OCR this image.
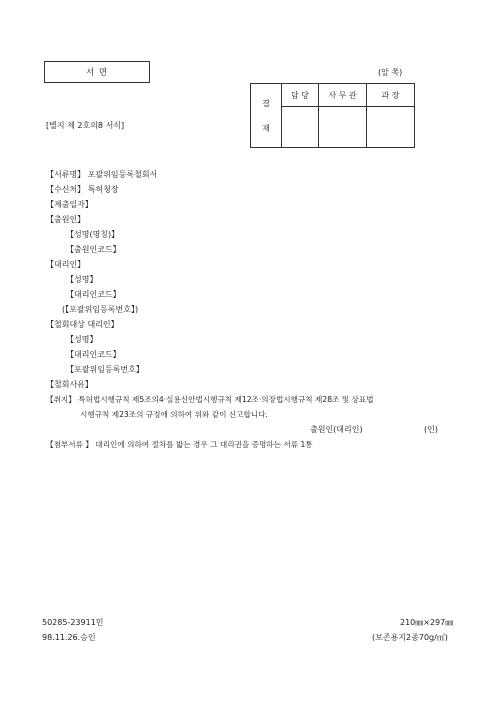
서 면	(앞 쪽)
[별지 제 2호의8 서식]
결
재	담 당	사 무 관	과 장

【서류명】 포괄위임등록철회서
【수신처】 특허청장
【제출일자】
【출원인】
【성명(명칭)】
【출원인코드】
【대리인】
【성명】
【대리인코드】
(【포괄위임등록번호】)
【철회대상 대리인】
【성명】
【대리인코드】
【포괄위임등록번호】
【철회사유】
【취지】 특허법시행규칙 제5조의4·실용신안법시행규칙 제12조·의장법시행규칙 제28조 및 상표법
시행규칙 제23조의 규정에 의하여 위와 같이 신고합니다.
출원인(대리인)	(인)
【첨부서류 】 대리인에 의하여 절차를 밟는 경우 그 대리권을 증명하는 서류 1통
50285-23911민
98.11.26.승인
210㎜×297㎜
(보존용지2종70g/㎡)
